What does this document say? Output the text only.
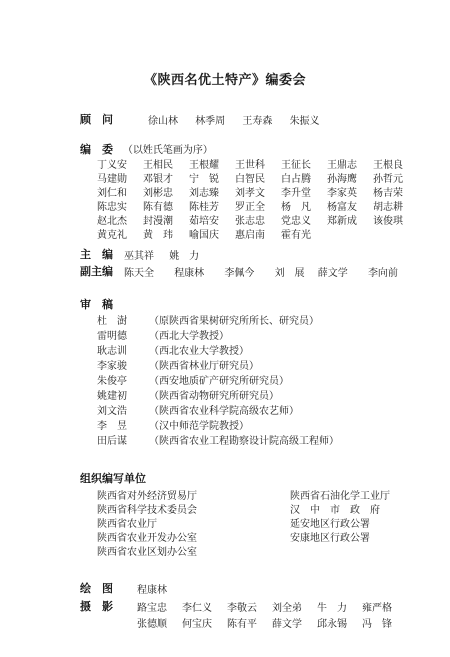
《陕西名优土特产》编委会
顾　问	徐山林 林季周 王寿森 朱振义
编　委 （以姓氏笔画为序）
丁义安 王相民 王根耀 王世科 王征长 王鼎志 王根良
马建勋 邓银才 宁　锐 白智民 白占腾 孙海鹰 孙哲元
刘仁和 刘彬忠 刘志臻 刘孝文 李升堂 李家英 杨吉荣
陈忠实 陈有德 陈桂芳 罗正全 杨　凡 杨富友 胡志耕
赵北杰 封漫潮 茹培安 张志忠 党忠义 郑新成 该俊琪
黄克礼 黄　玮 喻国庆 惠启南 霍有光
主　编 巫其祥 姚　力
副主编 陈天全 程康林 李佩今 刘　展 薛文学 李向前
审　稿
杜　澍 （原陕西省果树研究所所长、研究员）
雷明德 （西北大学教授）
耿志训 （西北农业大学教授）
李家骏 （陕西省林业厅研究员）
朱俊亭 （西安地质矿产研究所研究员）
姚建初 （陕西省动物研究所研究员）
刘文浩 （陕西省农业科学院高级农艺师）
李　昱 （汉中师范学院教授）
田后谋 （陕西省农业工程勘察设计院高级工程师）
组织编写单位
陕西省对外经济贸易厅
陕西省科学技术委员会
陕西省农业厅
陕西省农业开发办公室
陕西省农业区划办公室
陕西省石油化学工业厅
汉　中　市　政　府
延安地区行政公署
安康地区行政公署
绘　图 程康林
摄　影 路宝忠 李仁义 李敬云 刘全弟 牛　力 雍严格
张德顺 何宝庆 陈有平 薛文学 邱永锡 冯　锋
